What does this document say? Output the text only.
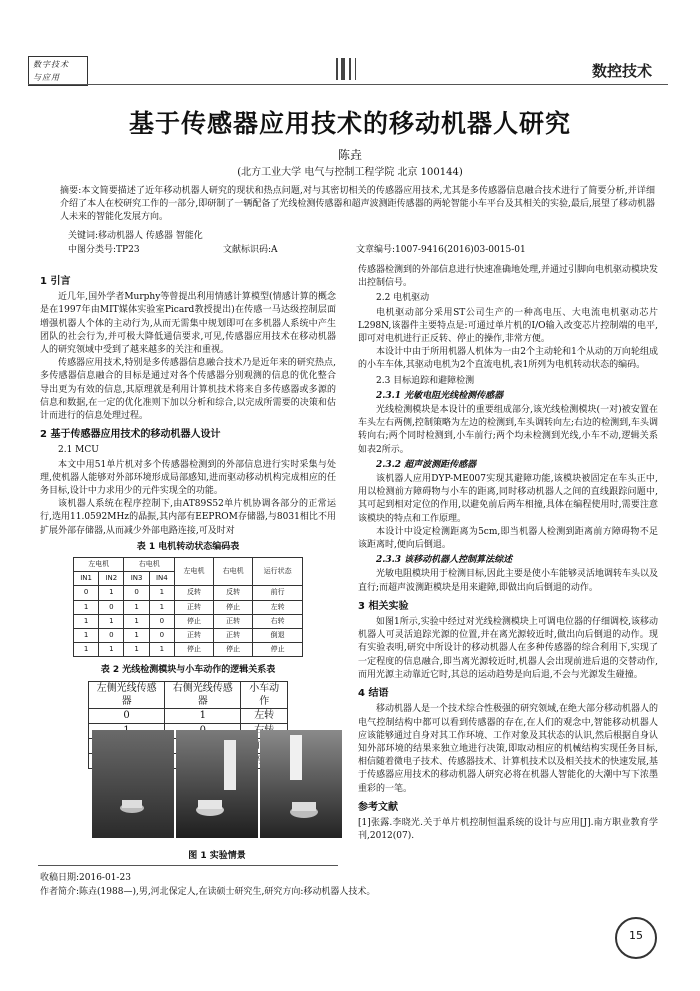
数字技术
与应用	数控技术
基于传感器应用技术的移动机器人研究
陈垚
(北方工业大学 电气与控制工程学院 北京 100144)
摘要:本文简要描述了近年移动机器人研究的现状和热点问题,对与其密切相关的传感器应用技术,尤其是多传感器信息融合技术进行了简要分析,并详细介绍了本人在校研究工作的一部分,即研制了一辆配备了光线检测传感器和超声波测距传感器的两轮智能小车平台及其相关的实验,最后,展望了移动机器人未来的智能化发展方向。
关键词:移动机器人 传感器 智能化
中图分类号:TP23	文献标识码:A	文章编号:1007-9416(2016)03-0015-01
1 引言

近几年,国外学者Murphy等曾提出利用情感计算模型(情感计算的概念是在1997年由MIT媒体实验室Picard教授提出)在传感一马达级控制层面增强机器人个体的主动行为,从而无需集中规划即可在多机器人系统中产生团队的社会行为,并可极大降低通信要求,可见,传感器应用技术在移动机器人的研究领域中受到了越来越多的关注和重视。

传感器应用技术,特别是多传感器信息融合技术乃是近年来的研究热点,多传感器信息融合的目标是通过对各个传感器分别观测的信息的优化整合导出更为有效的信息,其原理就是利用计算机技术将来自多传感器或多源的信息和数据,在一定的优化准则下加以分析和综合,以完成所需要的决策和估计而进行的信息处理过程。

2 基于传感器应用技术的移动机器人设计
2.1 MCU

本文中用51单片机对多个传感器检测到的外部信息进行实时采集与处理,使机器人能够对外部环境形成局部感知,进而驱动移动机构完成相应的任务目标,设计中力求用少的元件实现全的功能。

该机器人系统在程序控制下,由AT89S52单片机协调各部分的正常运行,选用11.0592MHz的晶振,其内部有EEPROM存储器,与8031相比不用扩展外部存储器,从而减少外部电路连接,可及时对

表 1 电机转动状态编码表
左电机		右电机		左电机	右电机	运行状态
IN1	IN2	IN3	IN4			
0	1	0	1	反转	反转	前行
1	0	1	1	正转	停止	左转
1	1	1	0	停止	正转	右转
1	0	1	0	正转	正转	倒退
1	1	1	1	停止	停止	停止
表 2 光线检测模块与小车动作的逻辑关系表
左侧光线传感器	右侧光线传感器	小车动作
0	1	左转

图 1 实验情景

传感器检测到的外部信息进行快速准确地处理,并通过引脚向电机驱动模块发出控制信号。

2.2 电机驱动

电机驱动部分采用ST公司生产的一种高电压、大电流电机驱动芯片L298N,该器件主要特点是:可通过单片机的I/O输入改变芯片控制端的电平,即可对电机进行正反转、停止的操作,非常方便。

本设计中由于所用机器人机体为一由2个主动轮和1个从动的万向轮组成的小车车体,其驱动电机为2个直流电机,表1所列为电机转动状态的编码。

2.3 目标追踪和避障检测
2.3.1 光敏电阻光线检测传感器

光线检测模块是本设计的重要组成部分,该光线检测模块(一对)被安置在车头左右两侧,控制策略为左边的检测到,车头调转向左;右边的检测到,车头调转向右;两个同时检测到,小车前行;两个均未检测到光线,小车不动,逻辑关系如表2所示。

2.3.2 超声波测距传感器

该机器人应用DYP-ME007实现其避障功能,该模块被固定在车头正中,用以检测前方障碍物与小车的距离,同时移动机器人之间的直线跟踪问题中,其可起到相对定位的作用,以避免前后两车相撞,具体在编程使用时,需要注意该模块的特点和工作原理。

本设计中设定检测距离为5cm,即当机器人检测到距离前方障碍物不足该距离时,便向后倒退。

2.3.3 该移动机器人控制算法综述

光敏电阻模块用于检测目标,因此主要是使小车能够灵活地调转车头以及直行;而超声波测距模块是用来避障,即做出向后倒退的动作。

3 相关实验

如图1所示,实验中经过对光线检测模块上可调电位器的仔细调校,该移动机器人可灵活追踪光源的位置,并在离光源较近时,做出向后倒退的动作。现有实验表明,研究中所设计的移动机器人在多种传感器的综合利用下,实现了一定程度的信息融合,即当离光源较近时,机器人会出现前进后退的交替动作,而用光源主动靠近它时,其总的运动趋势是向后退,不会与光源发生碰撞。

4 结语

移动机器人是一个技术综合性极强的研究领域,在绝大部分移动机器人的电气控制结构中都可以看到传感器的存在,在人们的观念中,智能移动机器人应该能够通过自身对其工作环境、工作对象及其状态的认识,然后根据自身认知外部环境的结果来独立地进行决策,即取动相应的机械结构实现任务目标,相信随着微电子技术、传感器技术、计算机技术以及相关技术的快速发展,基于传感器应用技术的移动机器人研究必将在机器人智能化的大潮中写下浓墨重彩的一笔。

参考文献

[1]张露.李晓光.关于单片机控制恒温系统的设计与应用[J].南方职业教育学刊,2012(07).

收稿日期:2016-01-23
作者简介:陈垚(1988—),男,河北保定人,在读硕士研究生,研究方向:移动机器人技术。
15
